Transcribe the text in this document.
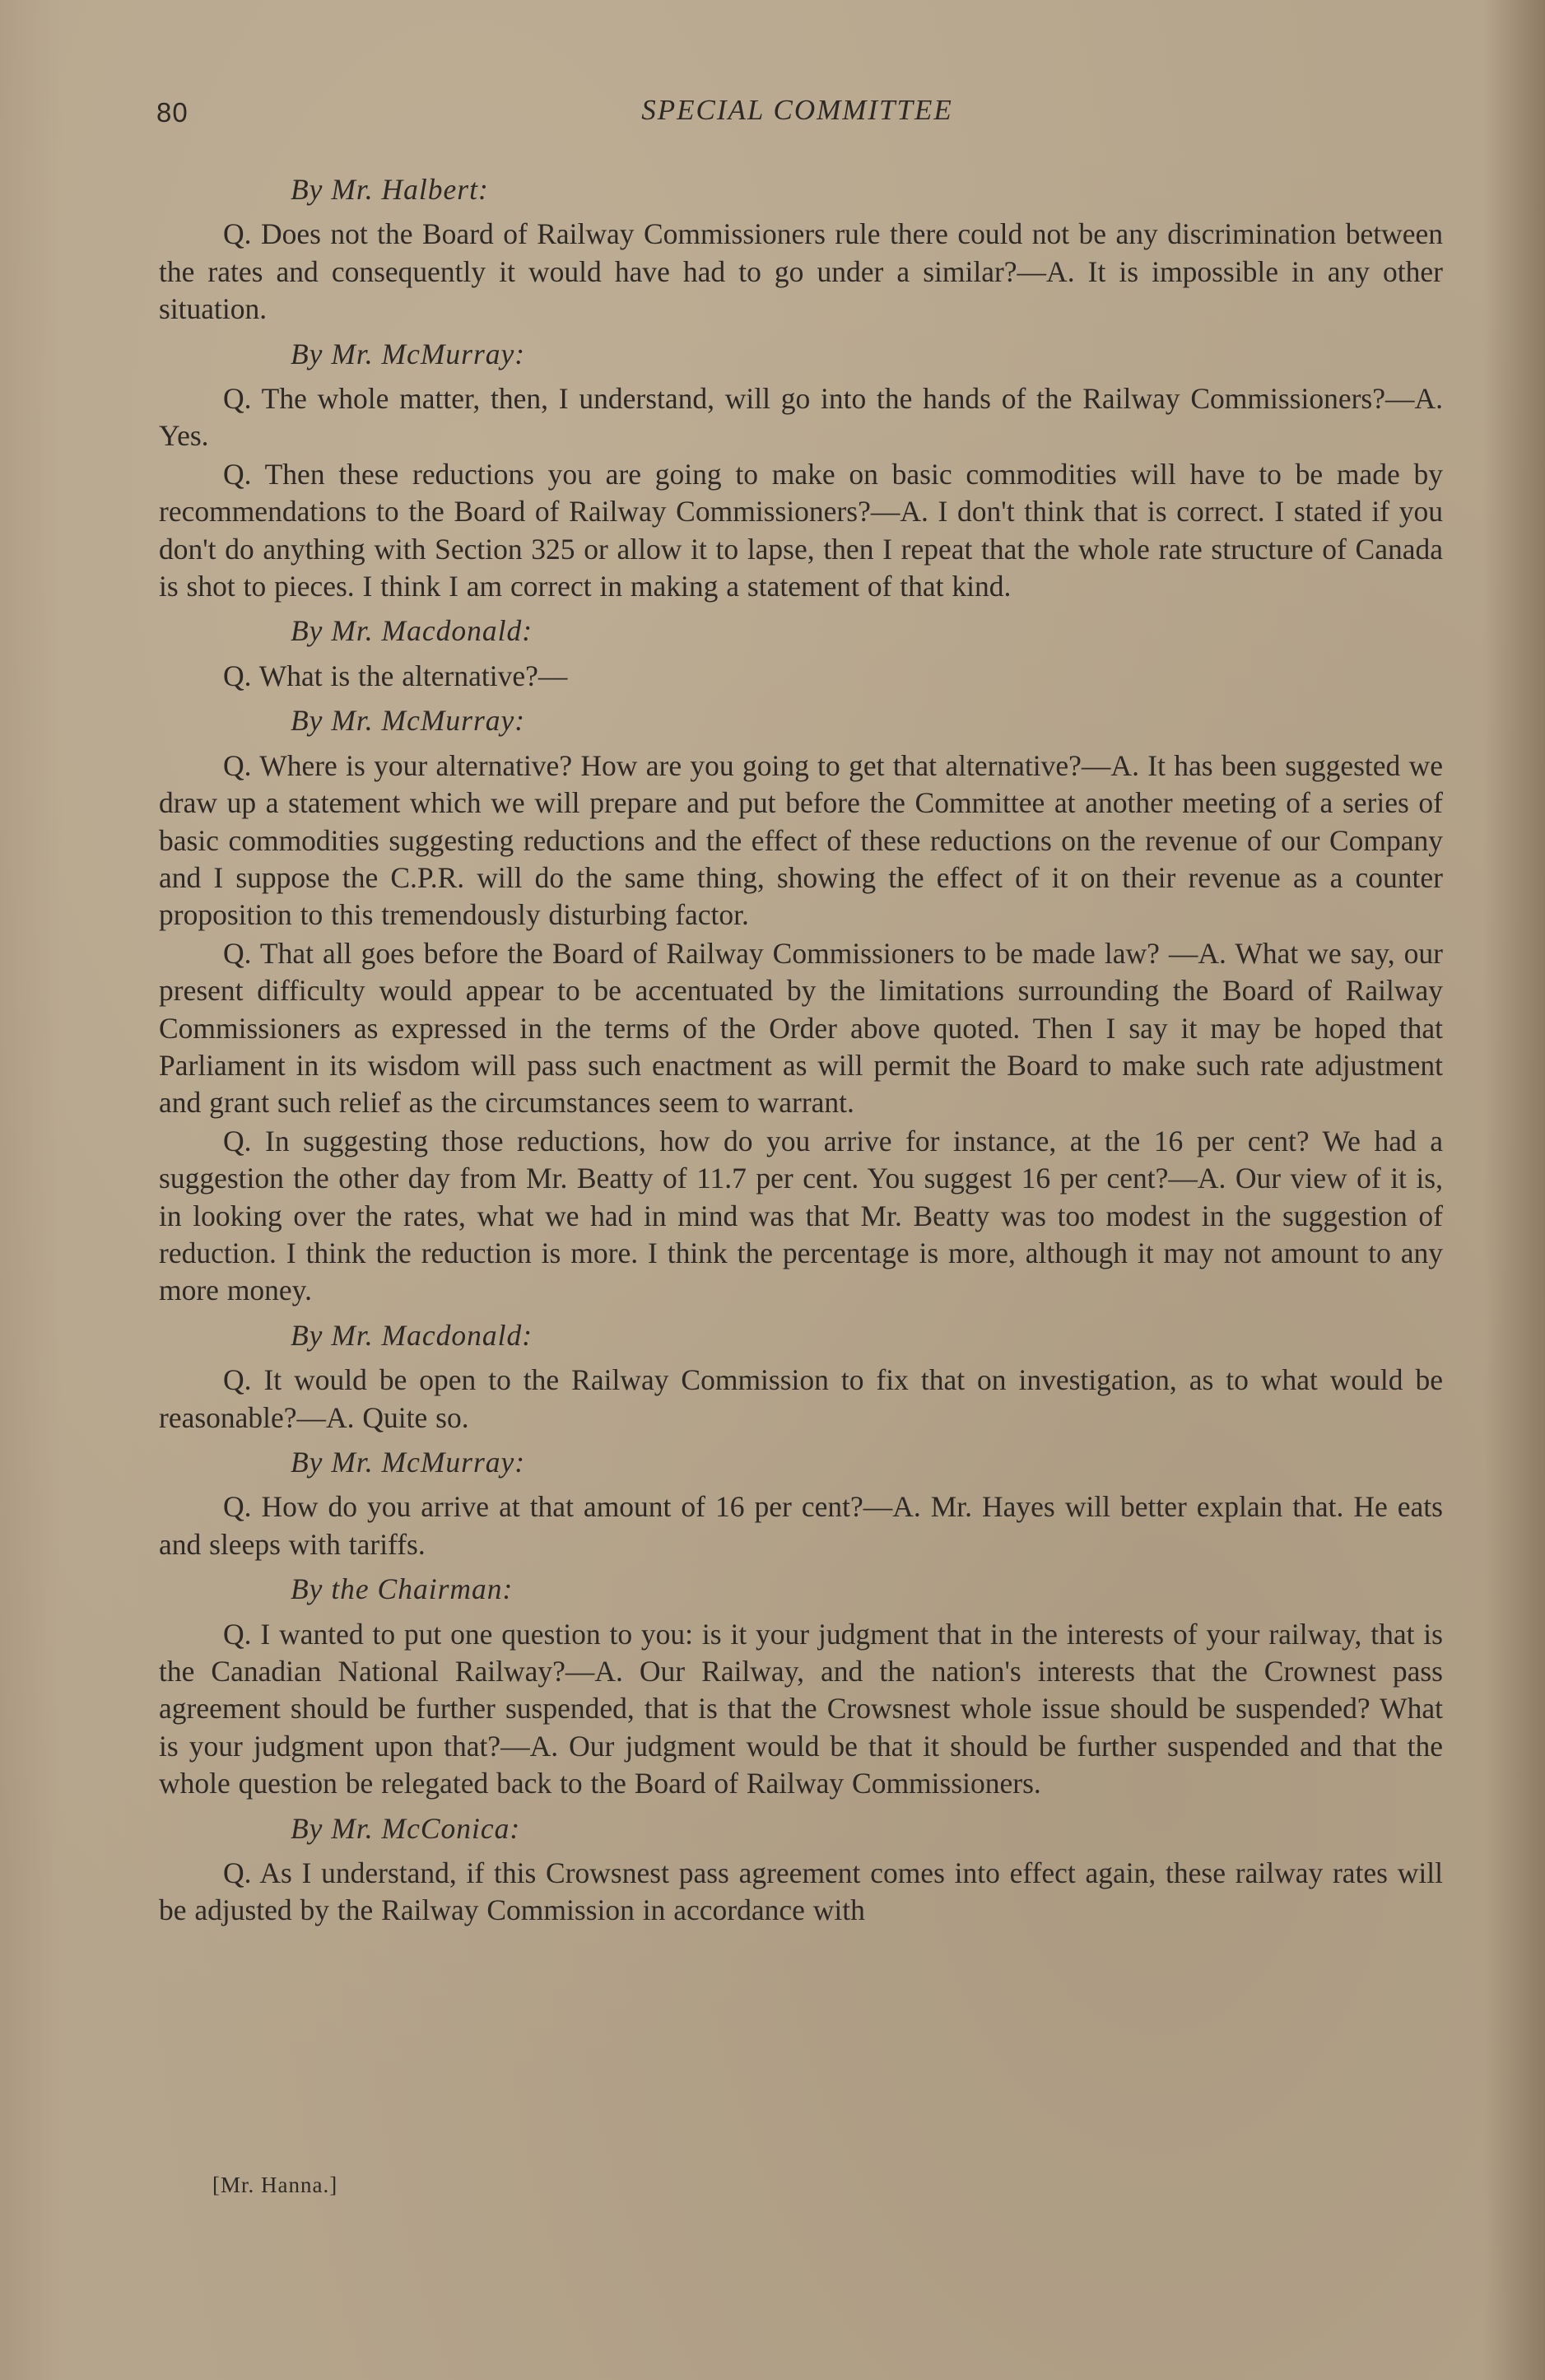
80	SPECIAL COMMITTEE

By Mr. Halbert:

Q. Does not the Board of Railway Commissioners rule there could not be any discrimination between the rates and consequently it would have had to go under a similar?—A. It is impossible in any other situation.

By Mr. McMurray:

Q. The whole matter, then, I understand, will go into the hands of the Railway Commissioners?—A. Yes.

Q. Then these reductions you are going to make on basic commodities will have to be made by recommendations to the Board of Railway Commissioners?—A. I don't think that is correct. I stated if you don't do anything with Section 325 or allow it to lapse, then I repeat that the whole rate structure of Canada is shot to pieces. I think I am correct in making a statement of that kind.

By Mr. Macdonald:

Q. What is the alternative?—

By Mr. McMurray:

Q. Where is your alternative? How are you going to get that alternative?—A. It has been suggested we draw up a statement which we will prepare and put before the Committee at another meeting of a series of basic commodities suggesting reductions and the effect of these reductions on the revenue of our Company and I suppose the C.P.R. will do the same thing, showing the effect of it on their revenue as a counter proposition to this tremendously disturbing factor.

Q. That all goes before the Board of Railway Commissioners to be made law? —A. What we say, our present difficulty would appear to be accentuated by the limitations surrounding the Board of Railway Commissioners as expressed in the terms of the Order above quoted. Then I say it may be hoped that Parliament in its wisdom will pass such enactment as will permit the Board to make such rate adjustment and grant such relief as the circumstances seem to warrant.

Q. In suggesting those reductions, how do you arrive for instance, at the 16 per cent? We had a suggestion the other day from Mr. Beatty of 11.7 per cent. You suggest 16 per cent?—A. Our view of it is, in looking over the rates, what we had in mind was that Mr. Beatty was too modest in the suggestion of reduction. I think the reduction is more. I think the percentage is more, although it may not amount to any more money.

By Mr. Macdonald:

Q. It would be open to the Railway Commission to fix that on investigation, as to what would be reasonable?—A. Quite so.

By Mr. McMurray:

Q. How do you arrive at that amount of 16 per cent?—A. Mr. Hayes will better explain that. He eats and sleeps with tariffs.

By the Chairman:

Q. I wanted to put one question to you: is it your judgment that in the interests of your railway, that is the Canadian National Railway?—A. Our Railway, and the nation's interests that the Crownest pass agreement should be further suspended, that is that the Crowsnest whole issue should be suspended? What is your judgment upon that?—A. Our judgment would be that it should be further suspended and that the whole question be relegated back to the Board of Railway Commissioners.

By Mr. McConica:

Q. As I understand, if this Crowsnest pass agreement comes into effect again, these railway rates will be adjusted by the Railway Commission in accordance with

[Mr. Hanna.]
